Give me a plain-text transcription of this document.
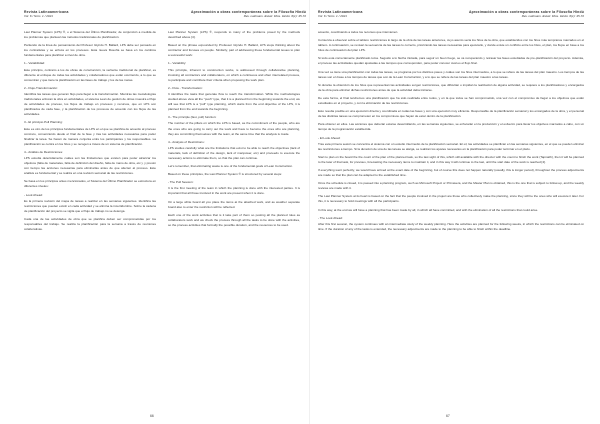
Revista Latinoamericana	Aproximación a obras contemporáneas sobre la Filosofía Hindú
Vol. 6 / Núm. 1 / 2021	Rev. Latinoam. Estud. Filos. Hindú. 6(1): 45-72
Revista Latinoamericana	Aproximación a obras contemporáneas sobre la Filosofía Hindú
Vol. 6 / Núm. 1 / 2021	Rev. Latinoam. Estud. Filos. Hindú. 6(1): 45-72

Last Planner System (LPS) ®, o el Sistema del Último Planificador, de conjunción a medida de los problemas que plantean las métodos tradicionales de planificación.

Partiendo de la línea de pensamiento del Profesor Glyndo H. Ballard, LPS debe ser pensado en los contratistas y se enfoca en los procesos. Esta nueva filosofía se basa en los cambios fundamentales para planificar a nivel de obra.

1.- Variabilidad:

Este principio, contrario a los de obras de construcción, la vertiente tradicional de planificar, es diferente al enfoque de todas las actividades y colaboradores que están ocurriendo, a lo que se concentran y que tiene la planificación en las fases de trabajo y los de las metas.

2.- Flujo-Transformación:

Identifica las tareas que generan flujo para llegar a la transformación. Mientras las metodologías tradicionales enfocan la obra en actividades, el sistema Lean de gestión de obras muestra el flujo de actividades de proceso, los flujos de trabajo en procesos y recursos, que en LPS son planificados de cada fase, y la planificación de los procesos de acuerdo con los flujos de las actividades.

3.- El principio Pull Planning:

Este es otro de los principios fundamentales de LPS en el que se planifica de acuerdo al proceso concreto, comenzando desde el final de la fase y tras las actividades necesarias para poder finalizar la tarea. Se hacen de manera conjunta entre los participantes y los responsables. La planificación se centra en los hitos y se recogen a través de un sistema de planificación.

4.- Análisis de Restricciones:

LPS estudia detenidamente cuáles son las limitaciones que existen para poder alcanzar los objetivos (falta de materiales, falta de definición del diseño, falta de mano de obra, etc.), y prevén con tiempo las acciones necesarias para eliminarlas antes de que afecten al proceso. Este análisis es fundamental y se realiza en una revisión semanal de las restricciones.

Se basa en los principios antes mencionados, el Sistema del Último Planificador se estructura en diferentes niveles:

- Look Ahead:

Es la primera revisión del mapa de tareas a realizar en las semanas siguientes. Identifica las restricciones que pueden existir en cada actividad y se elimina la incertidumbre. Sobre la cadena de planificación del proyecto se vigila que el flujo de trabajo no se detenga.

Cada una de las actividades de obra que se planifica deben ser comprometidas por los responsables del trabajo. Se realiza la planificación para la semana a través de reuniones colaborativas.

Last Planner System (LPS) ®, responds to many of the problems posed by the methods described above [4].

Based on the phrase expounded by Professor Glyndo H. Ballard, LPS stops thinking about the contractor and focuses on people. Similarly, part of addressing these fundamental issues to plan a successful work:

1.- Variability:

This principle, inherent to construction works, is addressed through collaborative planning, involving all contractors and collaborators, on which a continuous and often interrelated process, to participate and contribute their criteria when proposing the work plan.

2.- Flow - Transformation:

It identifies the tasks that generate flow to reach the transformation. While the methodologies studied above view all the "push" type, that it is a planned from the beginning towards the end, we will see that LPS is a "pull" type planning, which starts from the end objective of the LPS, it is planned from the end towards the beginning.

3.- The principle (fast, pull) function:

The number of the pillars on which the LPS is based, as the commitment of the people, who are the ones who are going to carry out the work and have to become the ones who are planning, they are committing themselves with the team, at the same time that the analysis is made.

4.- Analysis of Restrictions:

LPS studies carefully what are the limitations that exist to be able to reach the objectives (lack of materials, lack of definition of the design, lack of manpower, etc) and proceeds to execute the necessary actions to eliminate them, so that the plan can continue.

Let's remember, that eliminating waste is one of the fundamental goals of Lean Construction.

Based on these principles, the Last Planner System ® is structured by several steps:

- The Pull Session:

It is the first meeting of the team in which the planning is done with the interested parties. It is important that all those involved in the work are present when it is done.

On a large white board all you place the items at the attached work, and as weather separate board also to enter the restriction will be reflected.

Each one of the work activities that is it take part of them so posting all the planned roles as collaborators work and we check the process through all the tasks to be done with the activities, so the process activities that formally the possible duration, and the resources to be used.

acuerdo, coordinando a todos los recursos que intervienen.

Comienza a observar sobre el tablero restricciones lo largo de la obra de las tareas anteriores, cuyo asunto sería los hitos de la obra, que establecidos con los hitos más tempranos marcados en el tablero. A continuación, se revisan la secuencia de las tareas lo correcto, priorizando las tareas necesarias para ejecutarlo, y donde existe un conflicto entre los hitos, el plan, los flujos en base a los hitos de continuación del plan LPS.

Si todo esta correctamente planificado toma. Seguido a lo flecha iniciada, para seguir un buen fuego, se va recuperando y retrasar las fases estudiadas de pre-planificación del proyecto. Además, el proceso las actividades quedan ajustadas a las tiempos que corresponden, para poder conocer cuál es el flujo final.

Una vez se tiene una planificación con todas las tareas, se programa por los distintos pasos y cuáles son los hitos intermedios, a lo que se refiere de las tareas del plan maestro. Los tiempos de las tareas son en base a los tiempos de tareas que son de la Lean Construction, y a lo que se refiere de las tareas del plan maestro a las tareas.

Si durante la obtención de los hitos que representan las actividades surgen restricciones, que dificultan o impidan la realización de alguna actividad, se requiere a los planificadores y encargados de la obra para eliminar dichas restricciones antes de que la actividad deba iniciarse.

De esta forma, el final tendremos una planificación que ha sido realizada entre todos, y en la que todos se han comprometido, una vez con el compromiso de llegar a los objetivos que están estudiados en el proyecto, y con la eliminación de las restricciones.

Esto resulta posible en una ejecución directa y coordinada en todas las fases y con una ejecución muy eficiente. Responsable de la planificación semanal y los encargados de la obra, y el personal de las distintas tareas se comprometen en los compromisos que hayan de estar dentro de la planificación.

Para obtener en ellos. Las acciones que deberán estarse desarrollando, en las semanas siguientes, se enfocarán en la producción y el esfuerzo para llevar los objetivos marcados a cabo, con un tiempo de la programación establecida.

- El Look Ahead:

Tras esta primera sesión se concentra el sistema con un estudio intermedio de la planificación semanal. En él, las actividades se planifican en las semanas siguientes, en el que se pueden eliminar las restricciones a tiempo. Si la duración de una de las tareas se alarga, se realizan los ajustes necesarios en la planificación para poder terminar en el plazo.

Start to plan on the board the the count of the plan of the planned task, so the last sight of this, which still available with the director with the count to finish the work (Tapnaith), then it will be planned to the later of that task, for previous, forecasting the necessary items to maintain it, and in this way it will continue to the last, until the start date of the work is reached [4].

If everything went perfectly, we would have arrived at the exact date of the beginning, but of course this does not happen naturally (usually, this is longer period), throughout the process adjustments are made so that the plan can be adapted to the established time.

Once the schedule is closed, it is passed into a planning program, such as Microsoft Project or Primavera, and the Master Plan is obtained, this is the one that is subject to follow-up, and the weekly reviews are made with it.

The Last Planner System at its heart is based on the fact that the people involved in the project are those who collectively make the planning, since they will be the ones who will execute it later. For this, it is necessary to hold meetings with all the participants.

In this way, at the end we will have a planning that has been made by all, in which all have committed, and with the elimination of all the restrictions that could arise.

- The Look Ahead:

After this first session, the system continues with an intermediate study of the weekly planning. Here the activities are planned for the following weeks, in which the restrictions can be eliminated on time. If the duration of any of the tasks is extended, the necessary adjustments are made to the planning to be able to finish within the deadline.

66	67
